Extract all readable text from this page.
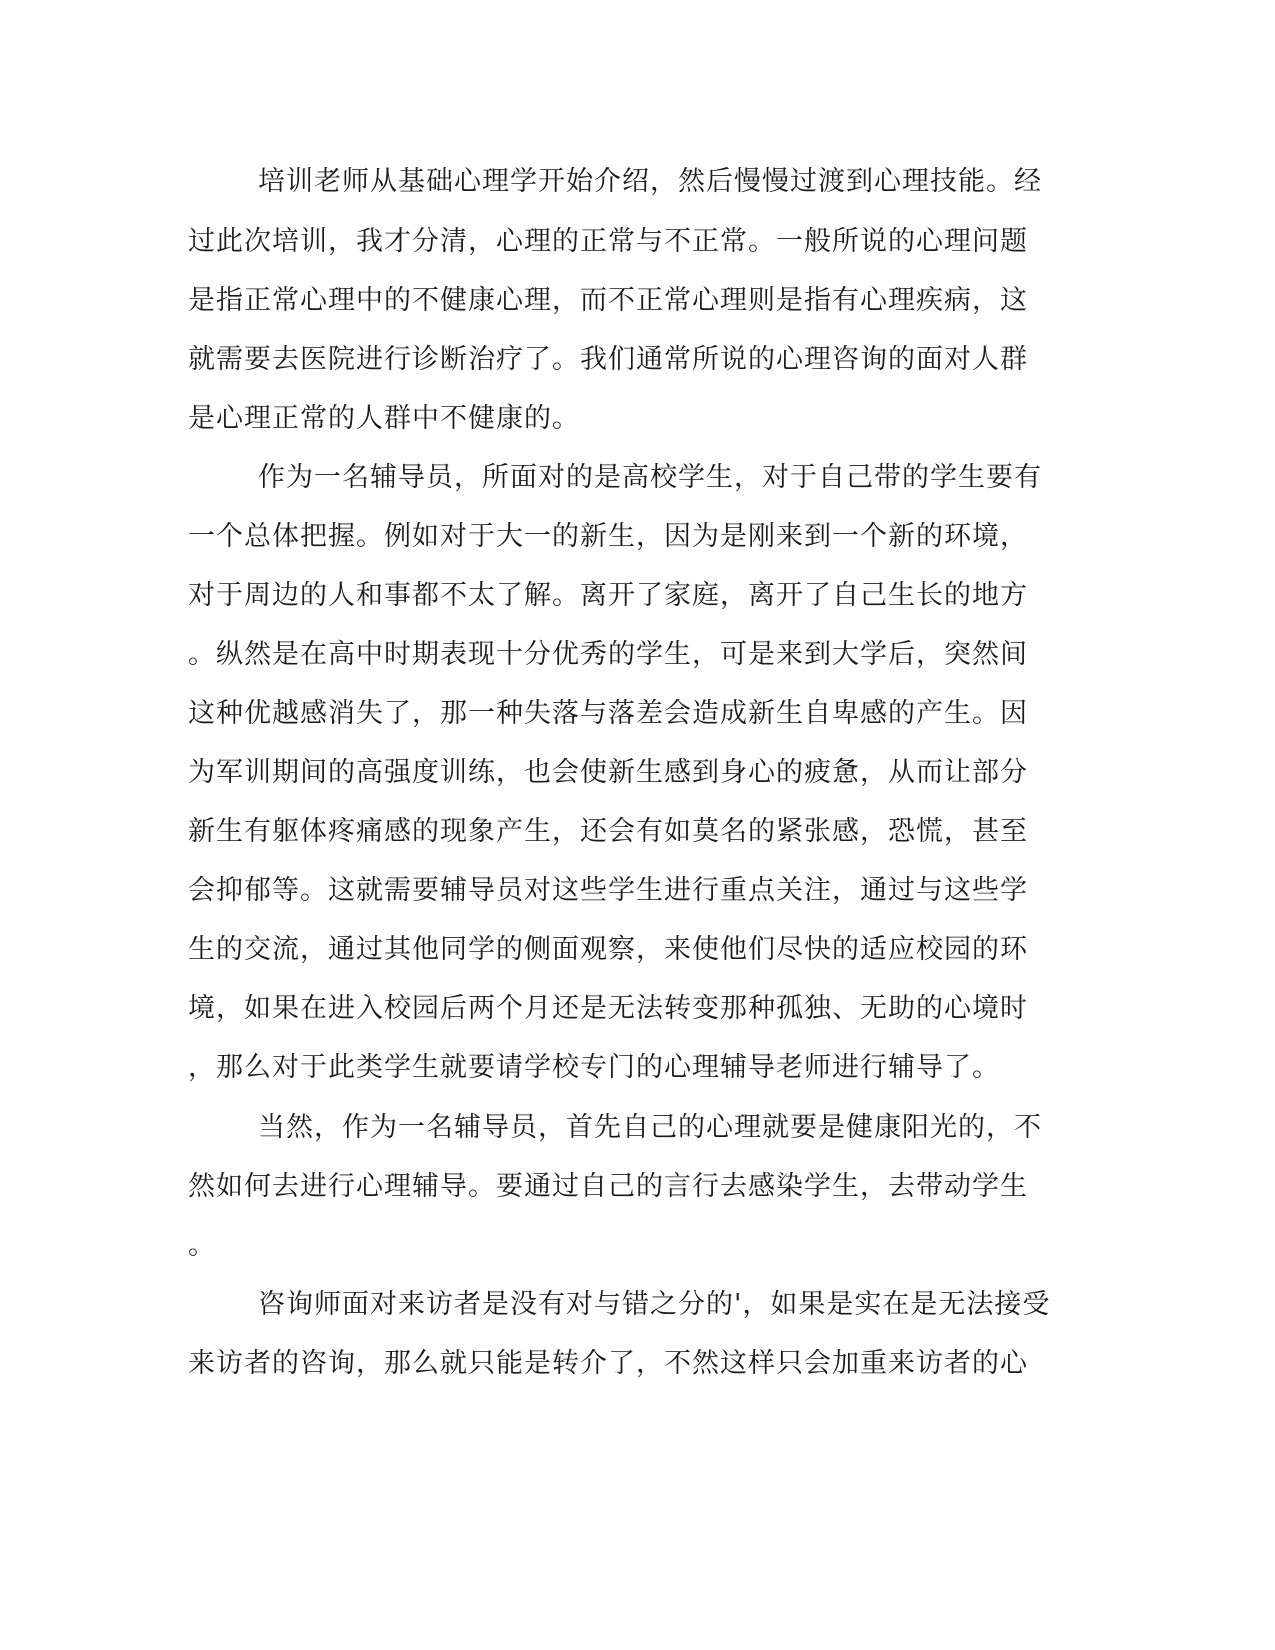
培训老师从基础心理学开始介绍，然后慢慢过渡到心理技能。经

过此次培训，我才分清，心理的正常与不正常。一般所说的心理问题

是指正常心理中的不健康心理，而不正常心理则是指有心理疾病，这

就需要去医院进行诊断治疗了。我们通常所说的心理咨询的面对人群

是心理正常的人群中不健康的。

作为一名辅导员，所面对的是高校学生，对于自己带的学生要有

一个总体把握。例如对于大一的新生，因为是刚来到一个新的环境，

对于周边的人和事都不太了解。离开了家庭，离开了自己生长的地方

。纵然是在高中时期表现十分优秀的学生，可是来到大学后，突然间

这种优越感消失了，那一种失落与落差会造成新生自卑感的产生。因

为军训期间的高强度训练，也会使新生感到身心的疲惫，从而让部分

新生有躯体疼痛感的现象产生，还会有如莫名的紧张感，恐慌，甚至

会抑郁等。这就需要辅导员对这些学生进行重点关注，通过与这些学

生的交流，通过其他同学的侧面观察，来使他们尽快的适应校园的环

境，如果在进入校园后两个月还是无法转变那种孤独、无助的心境时

，那么对于此类学生就要请学校专门的心理辅导老师进行辅导了。

当然，作为一名辅导员，首先自己的心理就要是健康阳光的，不

然如何去进行心理辅导。要通过自己的言行去感染学生，去带动学生

。

咨询师面对来访者是没有对与错之分的'，如果是实在是无法接受

来访者的咨询，那么就只能是转介了，不然这样只会加重来访者的心
